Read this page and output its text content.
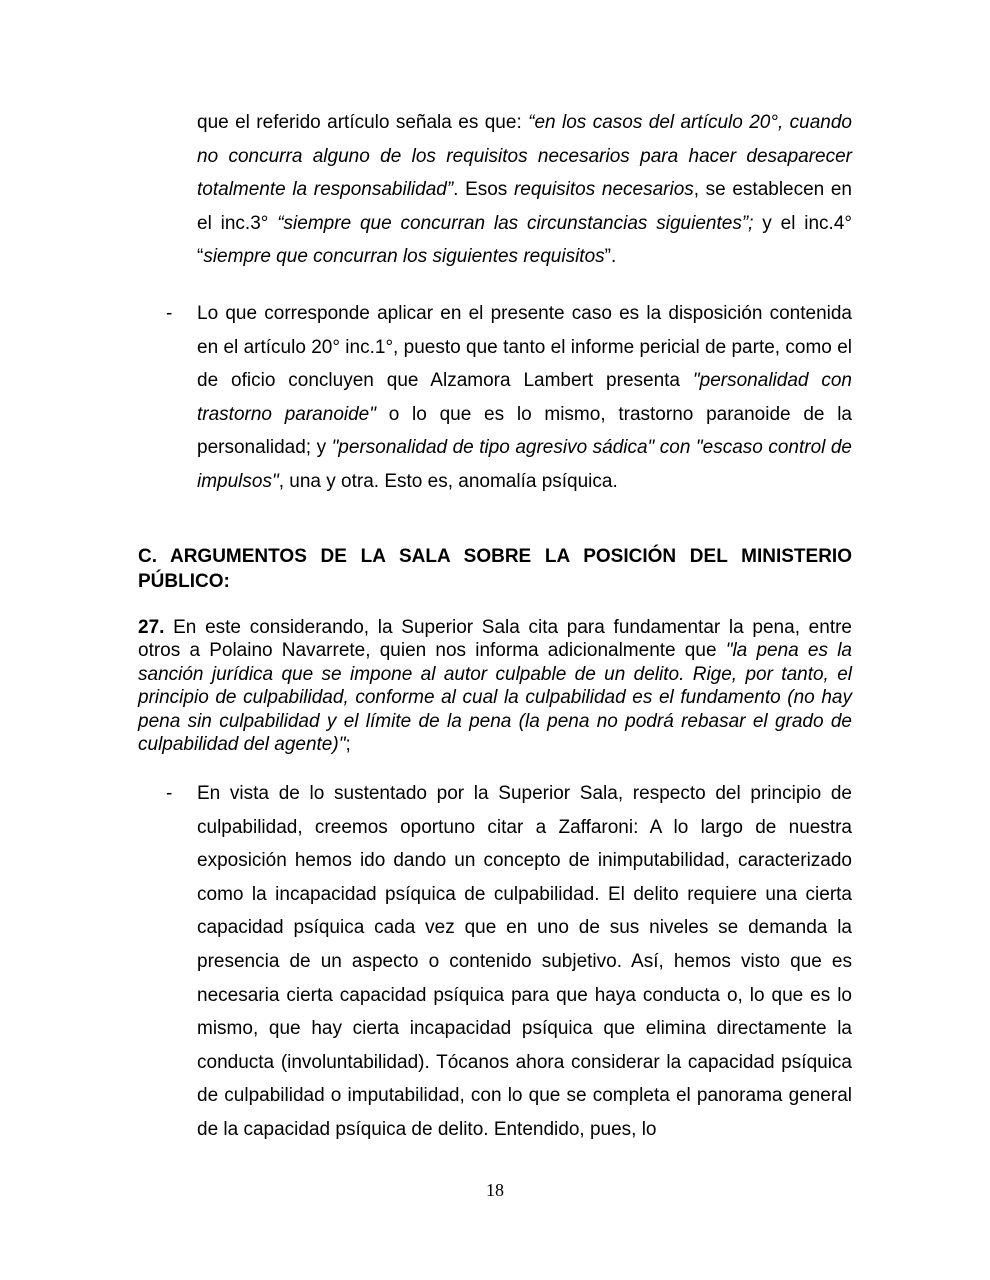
que el referido artículo señala es que: “en los casos del artículo 20°, cuando no concurra alguno de los requisitos necesarios para hacer desaparecer totalmente la responsabilidad”. Esos requisitos necesarios, se establecen en el inc.3° “siempre que concurran las circunstancias siguientes”; y el inc.4° “siempre que concurran los siguientes requisitos”.

- Lo que corresponde aplicar en el presente caso es la disposición contenida en el artículo 20° inc.1°, puesto que tanto el informe pericial de parte, como el de oficio concluyen que Alzamora Lambert presenta "personalidad con trastorno paranoide" o lo que es lo mismo, trastorno paranoide de la personalidad; y "personalidad de tipo agresivo sádica" con "escaso control de impulsos", una y otra. Esto es, anomalía psíquica.
C. ARGUMENTOS DE LA SALA SOBRE LA POSICIÓN DEL MINISTERIO PÚBLICO:

27. En este considerando, la Superior Sala cita para fundamentar la pena, entre otros a Polaino Navarrete, quien nos informa adicionalmente que "la pena es la sanción jurídica que se impone al autor culpable de un delito. Rige, por tanto, el principio de culpabilidad, conforme al cual la culpabilidad es el fundamento (no hay pena sin culpabilidad y el límite de la pena (la pena no podrá rebasar el grado de culpabilidad del agente)";

- En vista de lo sustentado por la Superior Sala, respecto del principio de culpabilidad, creemos oportuno citar a Zaffaroni: A lo largo de nuestra exposición hemos ido dando un concepto de inimputabilidad, caracterizado como la incapacidad psíquica de culpabilidad. El delito requiere una cierta capacidad psíquica cada vez que en uno de sus niveles se demanda la presencia de un aspecto o contenido subjetivo. Así, hemos visto que es necesaria cierta capacidad psíquica para que haya conducta o, lo que es lo mismo, que hay cierta incapacidad psíquica que elimina directamente la conducta (involuntabilidad). Tócanos ahora considerar la capacidad psíquica de culpabilidad o imputabilidad, con lo que se completa el panorama general de la capacidad psíquica de delito. Entendido, pues, lo
18
